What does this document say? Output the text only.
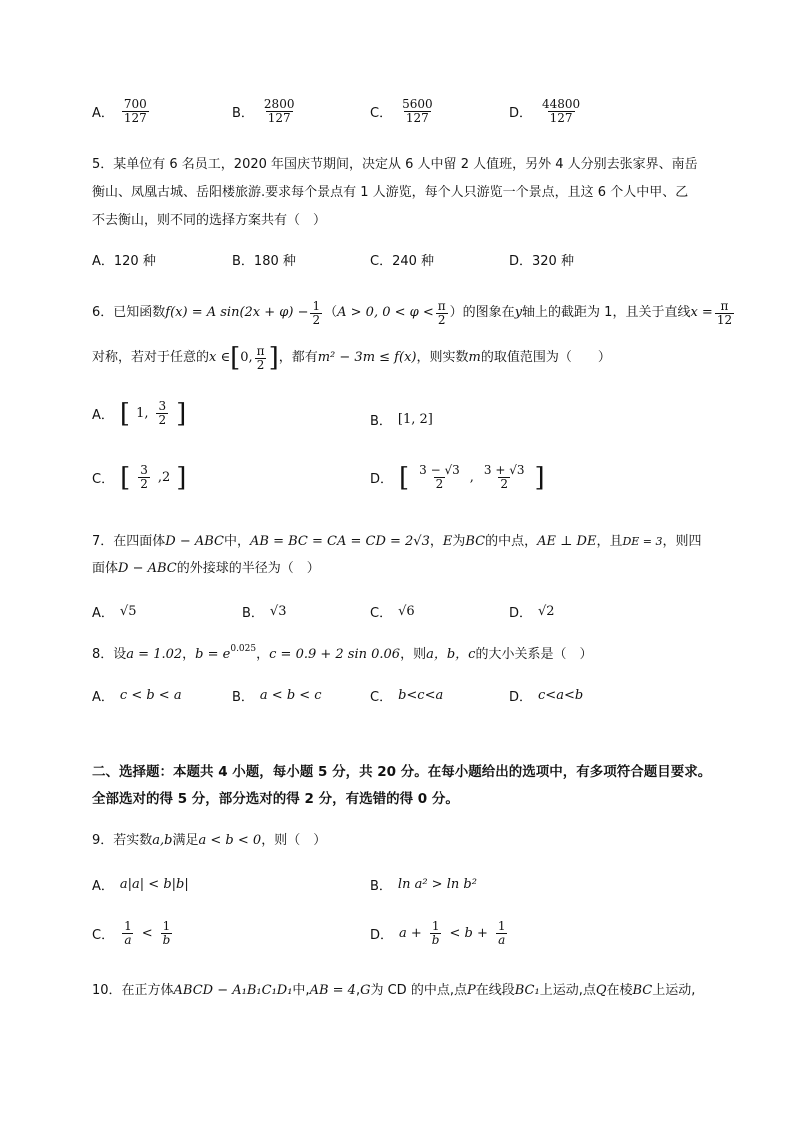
A． $\frac{700}{127}$	B． $\frac{2800}{127}$	C． $\frac{5600}{127}$	D． $\frac{44800}{127}$
5．某单位有 6 名员工，2020 年国庆节期间，决定从 6 人中留 2 人值班，另外 4 人分别去张家界、南岳
衡山、凤凰古城、岳阳楼旅游.要求每个景点有 1 人游览，每个人只游览一个景点，且这 6 个人中甲、乙
不去衡山，则不同的选择方案共有（　）
A．120 种	B．180 种	C．240 种	D．320 种
6．已知函数 f(x) = A $\sin(2x + \varphi) - \frac{1}{2}$ （ A > 0, $0 < \varphi < \frac{\pi}{2}$ ）的图象在 y 轴上的截距为 1，且关于直线 $x = \frac{\pi}{12}$
对称，若对于任意的 x ∈ [ 0, $\frac{\pi}{2}$ ] ，都有 m² − 3m ≤ f(x) ，则实数 m 的取值范围为（　　）
A． [ 1, $\frac{3}{2}$ ]	B． [1, 2]
C． [ $\frac{3}{2} ,2$ ]	D． [ $\frac{3 - √3}{2}$ , $\frac{3 + √3}{2}$ ]
7．在四面体 D − ABC 中， AB = BC = CA = CD = 2√3 ， E 为 BC 的中点， AE ⊥ DE ，且 DE = 3 ，则四
面体 D − ABC 的外接球的半径为（　）
A． √5	B． √3	C． √6	D． √2
8．设 a = 1.02 ， $b = e^{0.025}$ ， c = 0.9 + 2 sin 0.06 ，则 a，b，c 的大小关系是（　）
A． c < b < a	B． a < b < c	C． b<c<a	D． c<a<b
二、选择题：本题共 4 小题，每小题 5 分，共 20 分。在每小题给出的选项中，有多项符合题目要求。
全部选对的得 5 分，部分选对的得 2 分，有选错的得 0 分。
9．若实数 a,b 满足 a < b < 0 ，则（　）
A． a|a| < b|b|	B． ln a² > ln b²
C． $\frac{1}{a} < \frac{1}{b}$	D． $a + \frac{1}{b} < b + \frac{1}{a}$
10．在正方体 ABCD − A₁B₁C₁D₁ 中, AB = 4 , G 为 CD 的中点,点 P 在线段 BC₁ 上运动,点 Q 在棱 BC 上运动,
